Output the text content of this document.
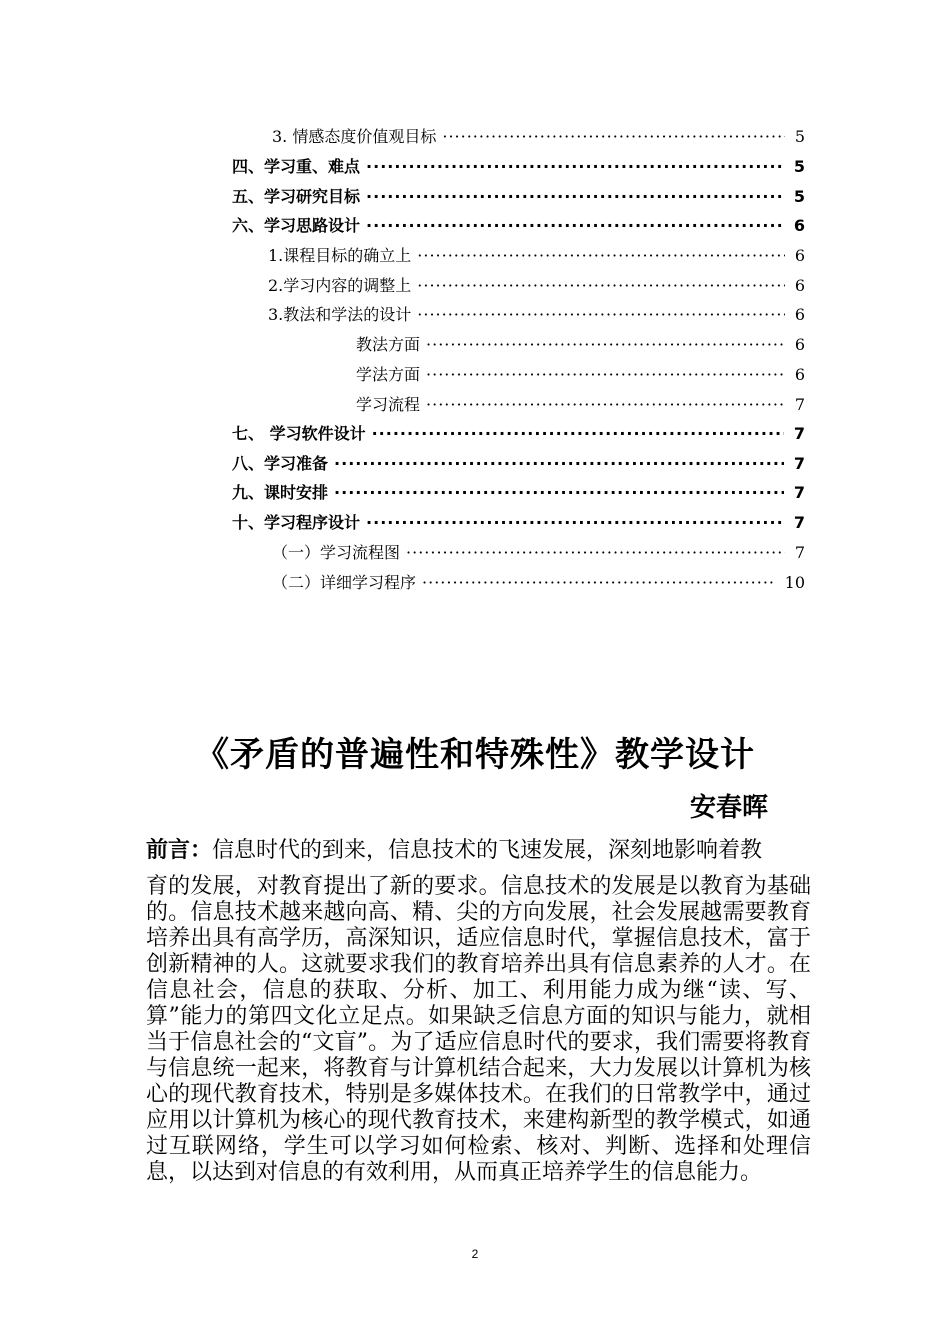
3. 情感态度价值观目标 ·····	5
四、 学习重、难点 ·····	5
五、 学习研究目标 ·····	5
六、 学习思路设计 ·····	6
1.课程目标的确立上 ·····	6
2.学习内容的调整上 ·····	6
3.教法和学法的设计 ·····	6
教法方面 ·····	6
学法方面 ·····	6
学习流程 ·····	7
七、 学习软件设计 ·····	7
八、 学习准备 ·····	7
九、 课时安排 ·····	7
十、 学习程序设计 ·····	7
（一）学习流程图 ·····	7
（二）详细学习程序 ·····	10
《矛盾的普遍性和特殊性》教学设计
安春晖
前言：信息时代的到来，信息技术的飞速发展，深刻地影响着教
育的发展，对教育提出了新的要求。信息技术的发展是以教育为基础的。信息技术越来越向高、精、尖的方向发展，社会发展越需要教育培养出具有高学历，高深知识，适应信息时代，掌握信息技术，富于创新精神的人。这就要求我们的教育培养出具有信息素养的人才。在信息社会，信息的获取、分析、加工、利用能力成为继“读、写、算”能力的第四文化立足点。如果缺乏信息方面的知识与能力，就相当于信息社会的“文盲”。为了适应信息时代的要求，我们需要将教育与信息统一起来，将教育与计算机结合起来，大力发展以计算机为核心的现代教育技术，特别是多媒体技术。在我们的日常教学中，通过应用以计算机为核心的现代教育技术，来建构新型的教学模式，如通过互联网络，学生可以学习如何检索、核对、判断、选择和处理信息，以达到对信息的有效利用，从而真正培养学生的信息能力。
2
